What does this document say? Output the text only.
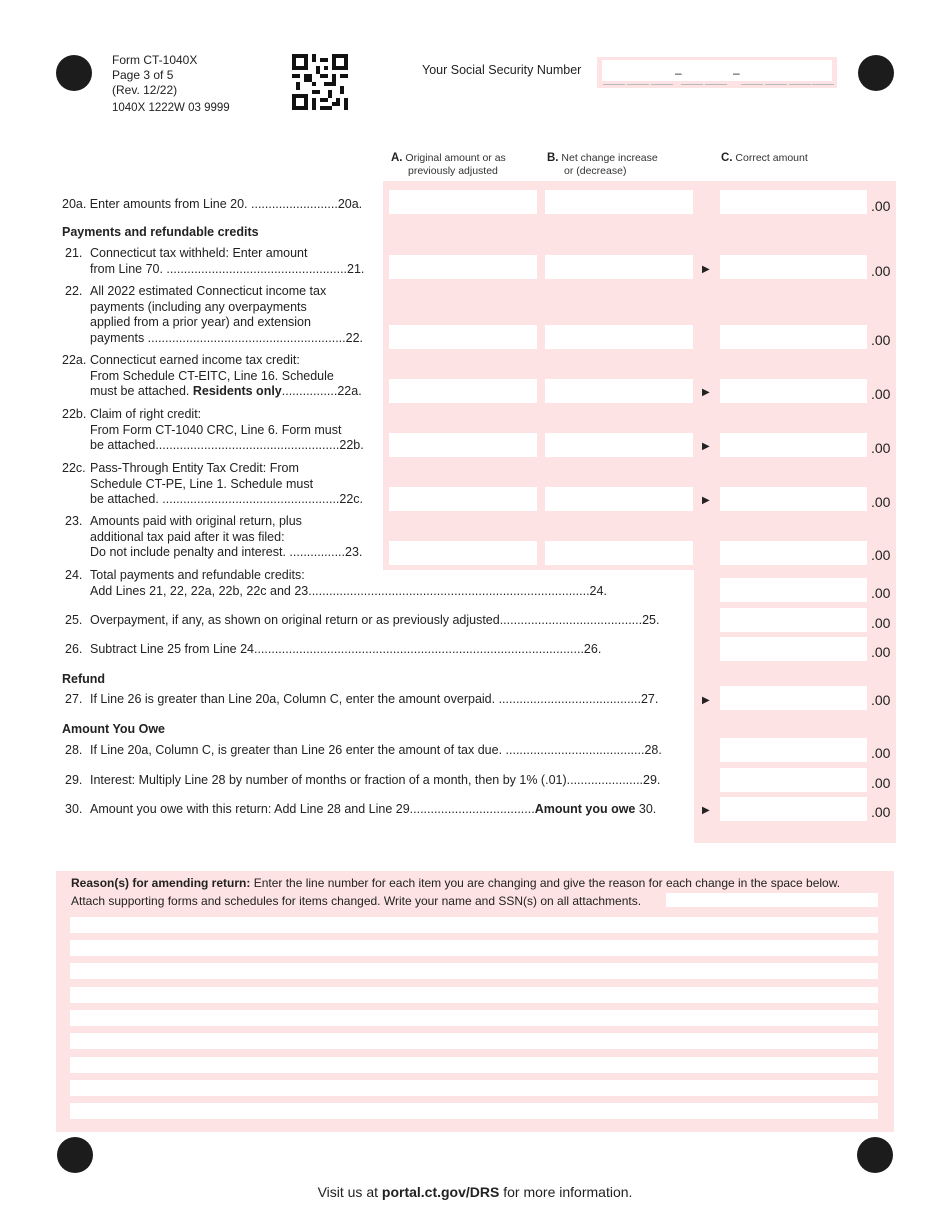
Form CT-1040X
Page 3 of 5
(Rev. 12/22)
1040X 1222W 03 9999
Your Social Security Number	–	–
A. Original amount or as
previously adjusted
B. Net change increase
or (decrease)
C. Correct amount
20a. Enter amounts from Line 20. .........................20a.	.00
Payments and refundable credits
21. Connecticut tax withheld: Enter amount
from Line 70. ....................................................21.	▶	.00
22. All 2022 estimated Connecticut income tax
payments (including any overpayments
applied from a prior year) and extension
payments .........................................................22.	.00
22a. Connecticut earned income tax credit:
From Schedule CT-EITC, Line 16. Schedule
must be attached. Residents only................22a.	▶	.00
22b. Claim of right credit:
From Form CT-1040 CRC, Line 6. Form must
be attached.....................................................22b.	▶	.00
22c. Pass-Through Entity Tax Credit: From
Schedule CT-PE, Line 1. Schedule must
be attached. ...................................................22c.	▶	.00
23. Amounts paid with original return, plus
additional tax paid after it was filed:
Do not include penalty and interest. ................23.	.00
24. Total payments and refundable credits:
Add Lines 21, 22, 22a, 22b, 22c and 23.................................................................................24.	.00
25. Overpayment, if any, as shown on original return or as previously adjusted.........................................25.	.00
26. Subtract Line 25 from Line 24...............................................................................................26.	.00
Refund
27. If Line 26 is greater than Line 20a, Column C, enter the amount overpaid. .........................................27.	▶	.00
Amount You Owe
28. If Line 20a, Column C, is greater than Line 26 enter the amount of tax due. ........................................28.	.00
29. Interest: Multiply Line 28 by number of months or fraction of a month, then by 1% (.01)......................29.	.00
30. Amount you owe with this return: Add Line 28 and Line 29....................................Amount you owe 30.	▶	.00
Reason(s) for amending return: Enter the line number for each item you are changing and give the reason for each change in the space below.
Attach supporting forms and schedules for items changed. Write your name and SSN(s) on all attachments.
Visit us at portal.ct.gov/DRS for more information.
